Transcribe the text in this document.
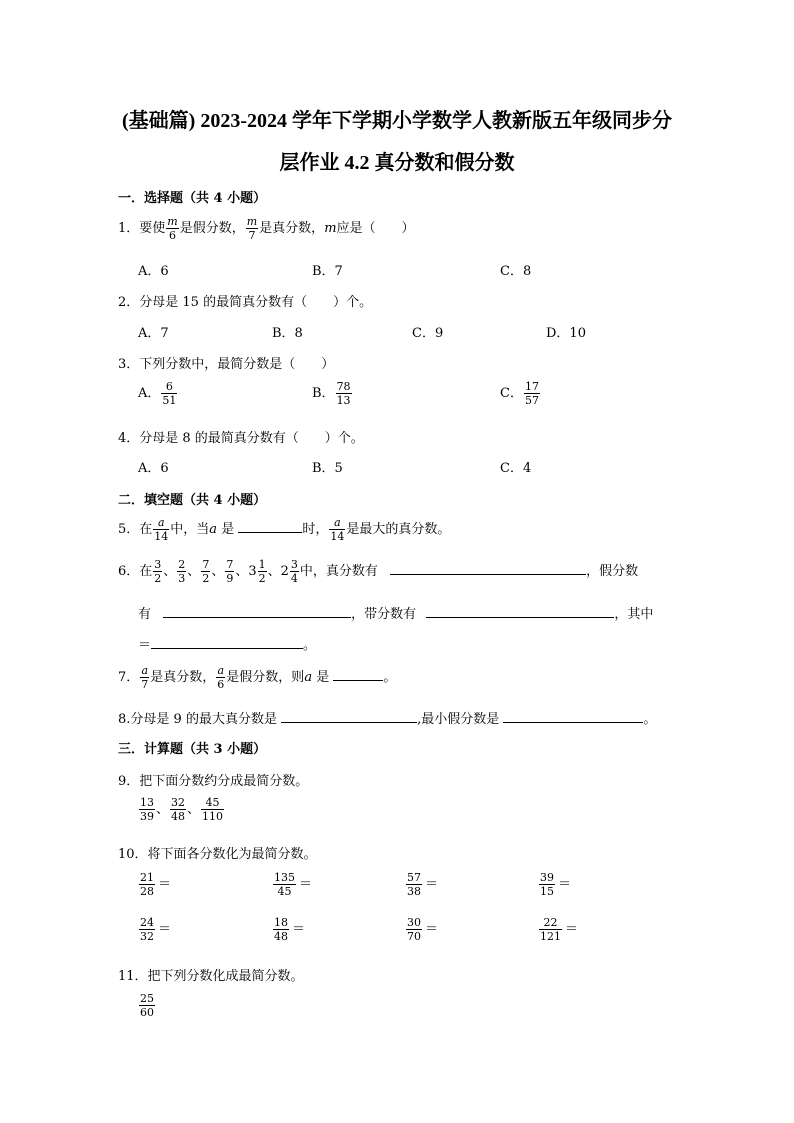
(基础篇) 2023-2024 学年下学期小学数学人教新版五年级同步分
层作业 4.2 真分数和假分数
一．选择题（共 4 小题）
1．要使 $\frac{m}{6}$ 是假分数， $\frac{m}{7}$ 是真分数，m应是（　　）
A．6	B．7	C．8
2．分母是 15 的最简真分数有（　　）个。
A．7	B．8	C．9	D．10
3．下列分数中，最简分数是（　　）
A． $\frac{6}{51}$	B． $\frac{78}{13}$	C． $\frac{17}{57}$
4．分母是 8 的最简真分数有（　　）个。
A．6	B．5	C．4
二．填空题（共 4 小题）
5．在 $\frac{a}{14}$ 中，当a 是	时， $\frac{a}{14}$ 是最大的真分数。
6．在 $\frac{3}{2}$ 、 $\frac{2}{3}$ 、 $\frac{7}{2}$ 、 $\frac{7}{9}$ 、$3 \frac{1}{2}$ 、$2 \frac{3}{4}$ 中，真分数有	，假分数
有	，带分数有	，其中
＝	。
7． $\frac{a}{7}$ 是真分数， $\frac{a}{6}$ 是假分数，则a 是	。
8.分母是 9 的最大真分数是	,最小假分数是	。
三．计算题（共 3 小题）
9．把下面分数约分成最简分数。
$\frac{13}{39}$ 、 $\frac{32}{48}$ 、 $\frac{45}{110}$
10．将下面各分数化为最简分数。
$\frac{21}{28}$ ＝	$\frac{135}{45}$ ＝	$\frac{57}{38}$ ＝	$\frac{39}{15}$ ＝
$\frac{24}{32}$ ＝	$\frac{18}{48}$ ＝	$\frac{30}{70}$ ＝	$\frac{22}{121}$ ＝
11．把下列分数化成最简分数。
$\frac{25}{60}$
